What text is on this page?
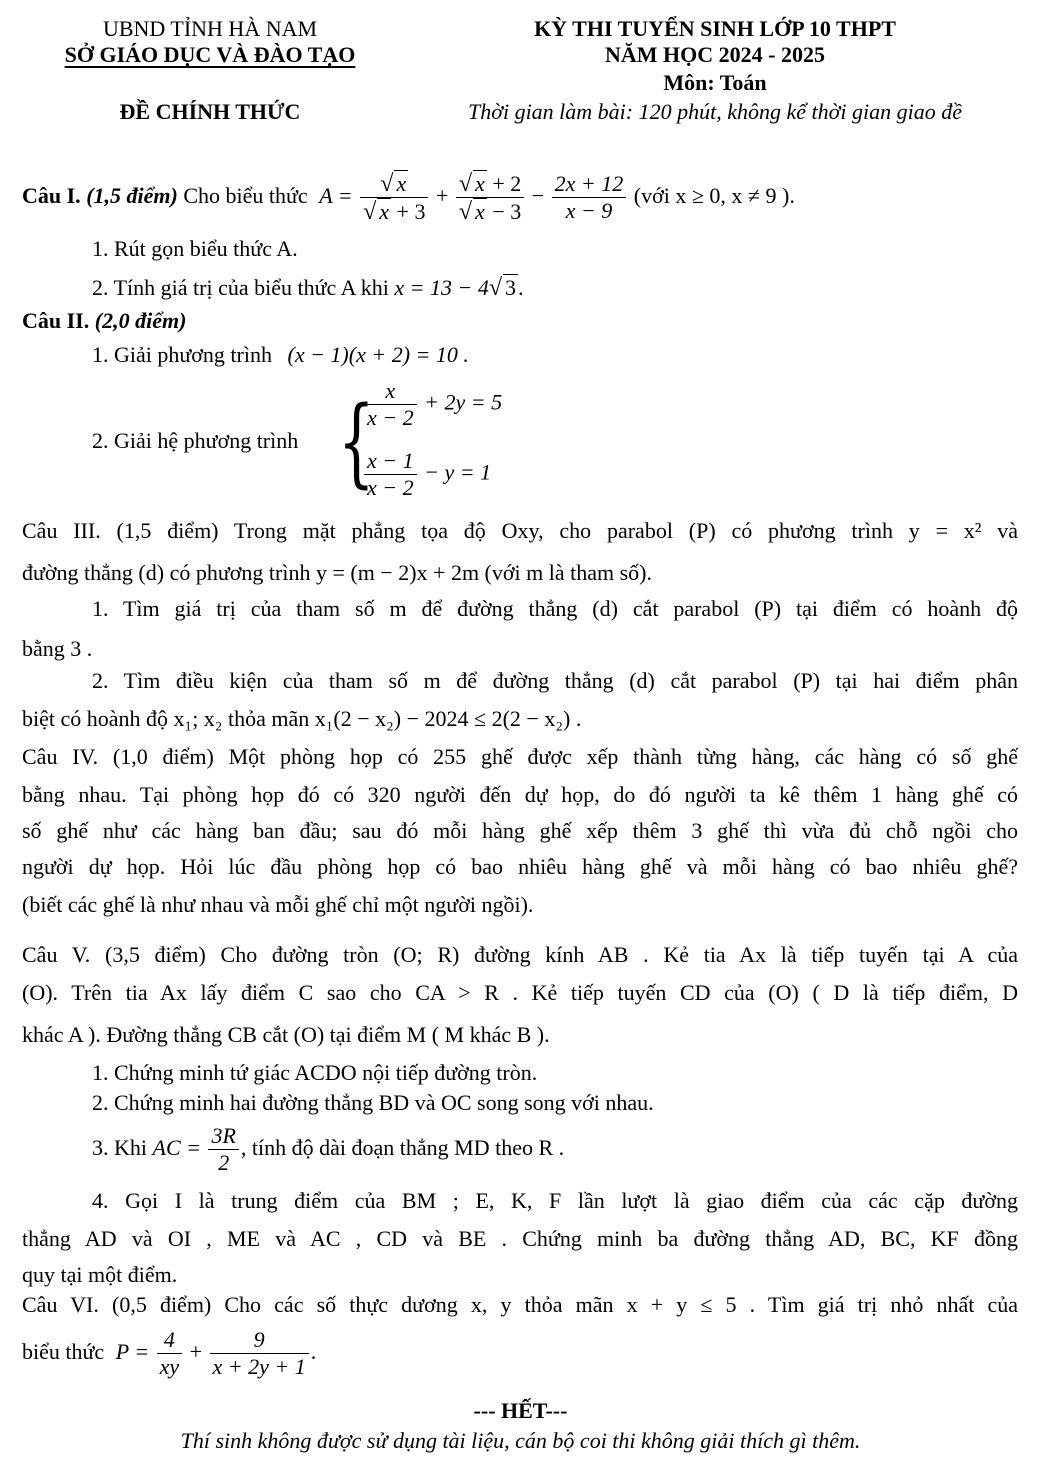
UBND TỈNH HÀ NAM
SỞ GIÁO DỤC VÀ ĐÀO TẠO
ĐỀ CHÍNH THỨC
KỲ THI TUYỂN SINH LỚP 10 THPT
NĂM HỌC 2024 - 2025
Môn: Toán
Thời gian làm bài: 120 phút, không kể thời gian giao đề
Câu I. (1,5 điểm) Cho biểu thức $A = \frac{√ x}{√ x + 3} + \frac{√ x + 2}{√ x - 3} - \frac{2x + 12}{x - 9}$ (với x ≥ 0, x ≠ 9 ).
1. Rút gọn biểu thức A.
2. Tính giá trị của biểu thức A khi x = 13 − 4√ 3.
Câu II. (2,0 điểm)
1. Giải phương trình (x − 1)(x + 2) = 10 .
2. Giải hệ phương trình {
$\frac{x}{x - 2} + 2y = 5$
$\frac{x - 1}{x - 2} - y = 1$
Câu III. (1,5 điểm) Trong mặt phẳng tọa độ Oxy, cho parabol (P) có phương trình y = x² và
đường thẳng (d) có phương trình y = (m − 2)x + 2m (với m là tham số).
1. Tìm giá trị của tham số m để đường thẳng (d) cắt parabol (P) tại điểm có hoành độ
bằng 3 .
2. Tìm điều kiện của tham số m để đường thẳng (d) cắt parabol (P) tại hai điểm phân
biệt có hoành độ x₁; x₂ thỏa mãn x₁(2 − x₂) − 2024 ≤ 2(2 − x₂) .
Câu IV. (1,0 điểm) Một phòng họp có 255 ghế được xếp thành từng hàng, các hàng có số ghế
bằng nhau. Tại phòng họp đó có 320 người đến dự họp, do đó người ta kê thêm 1 hàng ghế có
số ghế như các hàng ban đầu; sau đó mỗi hàng ghế xếp thêm 3 ghế thì vừa đủ chỗ ngồi cho
người dự họp. Hỏi lúc đầu phòng họp có bao nhiêu hàng ghế và mỗi hàng có bao nhiêu ghế?
(biết các ghế là như nhau và mỗi ghế chỉ một người ngồi).
Câu V. (3,5 điểm) Cho đường tròn (O; R) đường kính AB . Kẻ tia Ax là tiếp tuyến tại A của
(O). Trên tia Ax lấy điểm C sao cho CA > R . Kẻ tiếp tuyến CD của (O) ( D là tiếp điểm, D
khác A ). Đường thẳng CB cắt (O) tại điểm M ( M khác B ).
1. Chứng minh tứ giác ACDO nội tiếp đường tròn.
2. Chứng minh hai đường thẳng BD và OC song song với nhau.
3. Khi AC = $\frac{3R}{2}$ , tính độ dài đoạn thẳng MD theo R .
4. Gọi I là trung điểm của BM ; E, K, F lần lượt là giao điểm của các cặp đường
thẳng AD và OI , ME và AC , CD và BE . Chứng minh ba đường thẳng AD, BC, KF đồng
quy tại một điểm.
Câu VI. (0,5 điểm) Cho các số thực dương x, y thỏa mãn x + y ≤ 5 . Tìm giá trị nhỏ nhất của
biểu thức $P = \frac{4}{xy} + \frac{9}{x + 2y + 1}$ .
--- HẾT---
Thí sinh không được sử dụng tài liệu, cán bộ coi thi không giải thích gì thêm.
